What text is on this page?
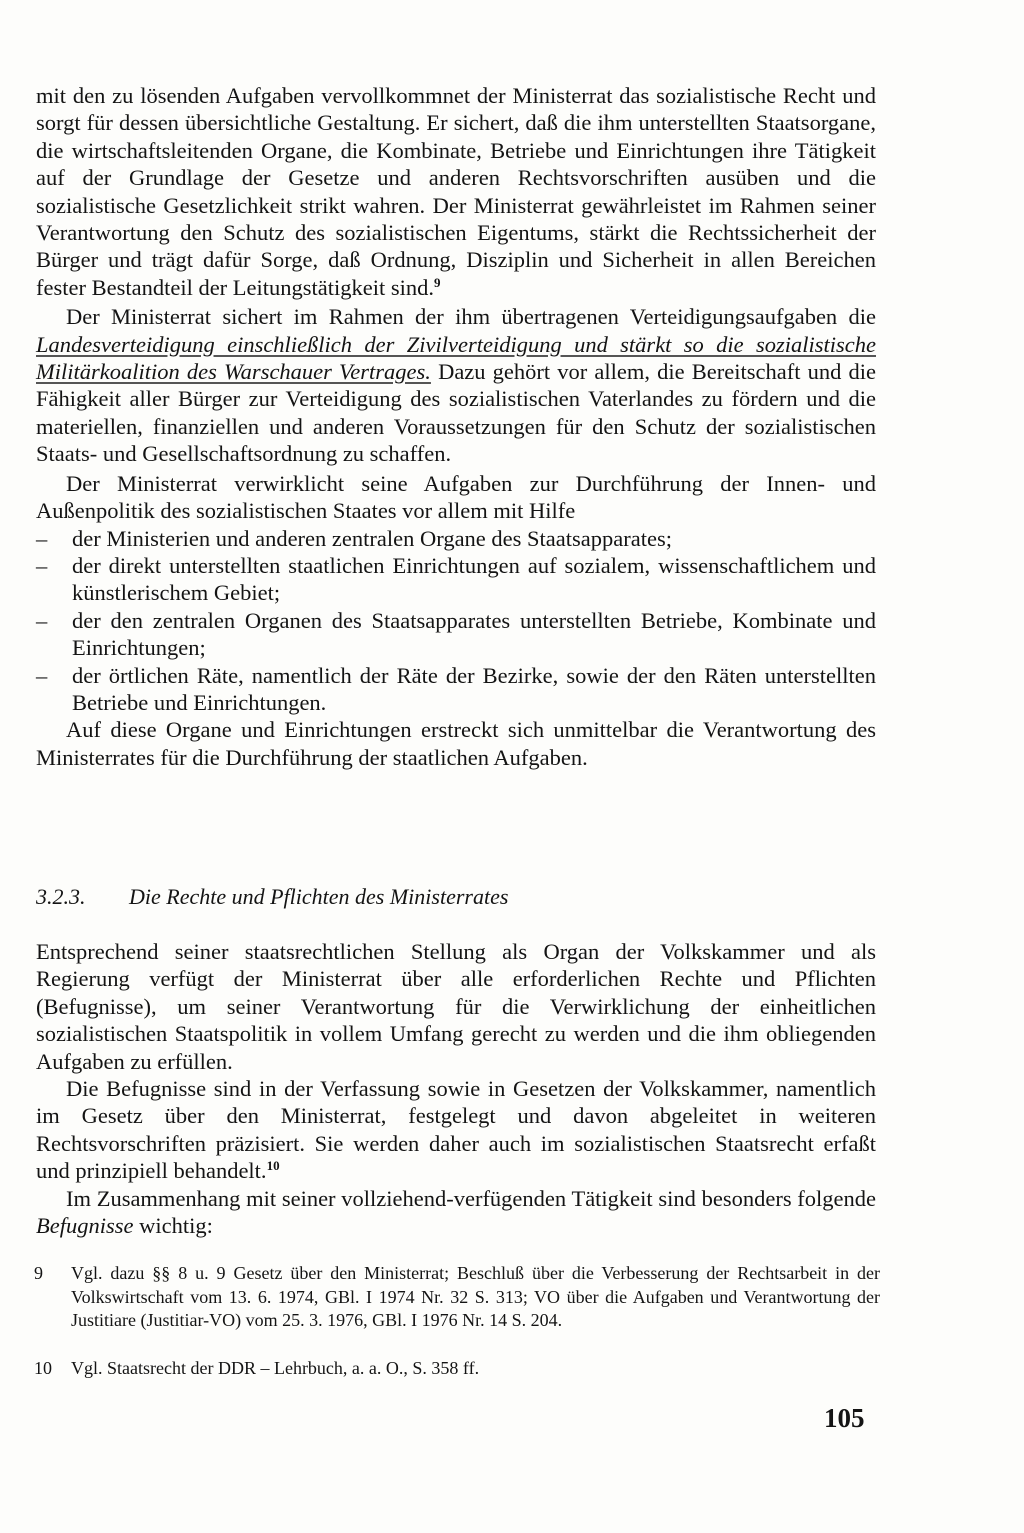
mit den zu lösenden Aufgaben vervollkommnet der Ministerrat das sozialistische Recht und sorgt für dessen übersichtliche Gestaltung. Er sichert, daß die ihm unterstellten Staatsorgane, die wirtschaftsleitenden Organe, die Kombinate, Betriebe und Einrichtungen ihre Tätigkeit auf der Grundlage der Gesetze und anderen Rechtsvorschriften ausüben und die sozialistische Gesetzlichkeit strikt wahren. Der Ministerrat gewährleistet im Rahmen seiner Verantwortung den Schutz des sozialistischen Eigentums, stärkt die Rechtssicherheit der Bürger und trägt dafür Sorge, daß Ordnung, Disziplin und Sicherheit in allen Bereichen fester Bestandteil der Leitungstätigkeit sind.$^9$

Der Ministerrat sichert im Rahmen der ihm übertragenen Verteidigungsaufgaben die Landesverteidigung einschließlich der Zivilverteidigung und stärkt so die sozialistische Militärkoalition des Warschauer Vertrages. Dazu gehört vor allem, die Bereitschaft und die Fähigkeit aller Bürger zur Verteidigung des sozialistischen Vaterlandes zu fördern und die materiellen, finanziellen und anderen Voraussetzungen für den Schutz der sozialistischen Staats- und Gesellschaftsordnung zu schaffen.

Der Ministerrat verwirklicht seine Aufgaben zur Durchführung der Innen- und Außenpolitik des sozialistischen Staates vor allem mit Hilfe

– der Ministerien und anderen zentralen Organe des Staatsapparates;
– der direkt unterstellten staatlichen Einrichtungen auf sozialem, wissenschaftlichem und künstlerischem Gebiet;
– der den zentralen Organen des Staatsapparates unterstellten Betriebe, Kombinate und Einrichtungen;
– der örtlichen Räte, namentlich der Räte der Bezirke, sowie der den Räten unterstellten Betriebe und Einrichtungen.

Auf diese Organe und Einrichtungen erstreckt sich unmittelbar die Verantwortung des Ministerrates für die Durchführung der staatlichen Aufgaben.

3.2.3. Die Rechte und Pflichten des Ministerrates

Entsprechend seiner staatsrechtlichen Stellung als Organ der Volkskammer und als Regierung verfügt der Ministerrat über alle erforderlichen Rechte und Pflichten (Befugnisse), um seiner Verantwortung für die Verwirklichung der einheitlichen sozialistischen Staatspolitik in vollem Umfang gerecht zu werden und die ihm obliegenden Aufgaben zu erfüllen.

Die Befugnisse sind in der Verfassung sowie in Gesetzen der Volkskammer, namentlich im Gesetz über den Ministerrat, festgelegt und davon abgeleitet in weiteren Rechtsvorschriften präzisiert. Sie werden daher auch im sozialistischen Staatsrecht erfaßt und prinzipiell behandelt.$^{10}$

Im Zusammenhang mit seiner vollziehend-verfügenden Tätigkeit sind besonders folgende Befugnisse wichtig:

9	Vgl. dazu §§ 8 u. 9 Gesetz über den Ministerrat; Beschluß über die Verbesserung der Rechtsarbeit in der Volkswirtschaft vom 13. 6. 1974, GBl. I 1974 Nr. 32 S. 313; VO über die Aufgaben und Verantwortung der Justitiare (Justitiar-VO) vom 25. 3. 1976, GBl. I 1976 Nr. 14 S. 204.
10	Vgl. Staatsrecht der DDR – Lehrbuch, a. a. O., S. 358 ff.
105
